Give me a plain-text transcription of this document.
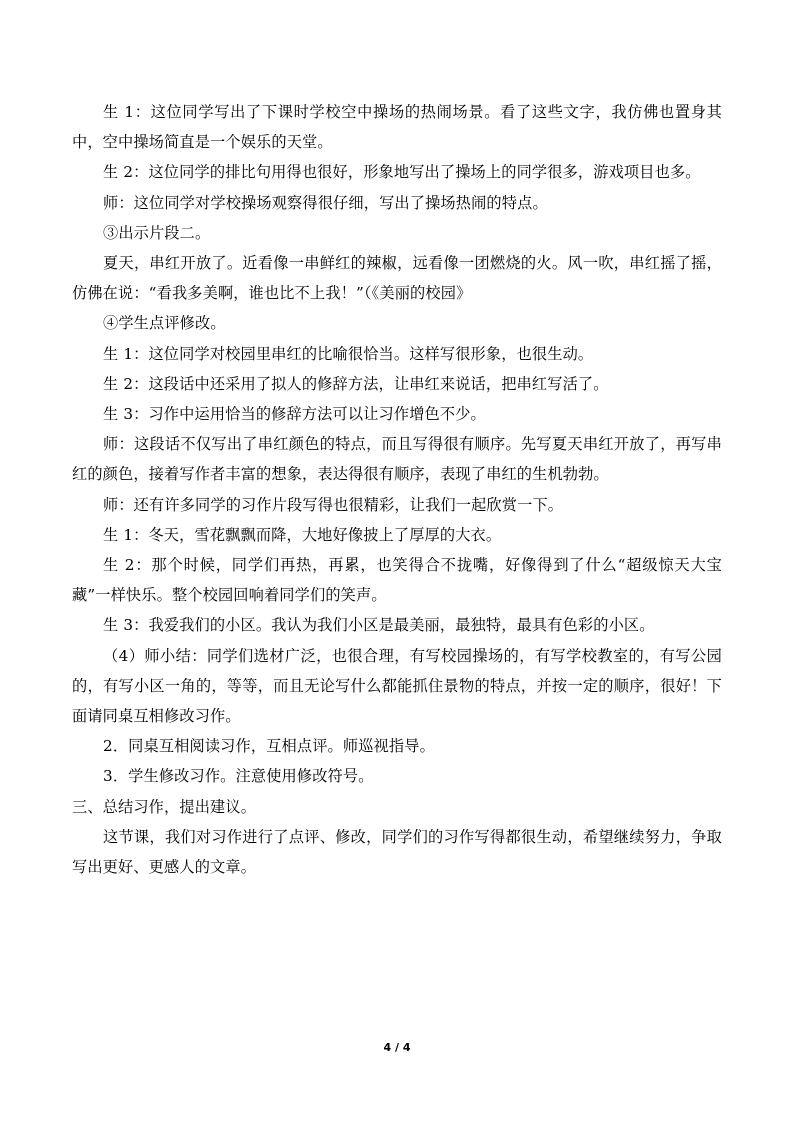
生 1：这位同学写出了下课时学校空中操场的热闹场景。看了这些文字，我仿佛也置身其中，空中操场简直是一个娱乐的天堂。

生 2：这位同学的排比句用得也很好，形象地写出了操场上的同学很多，游戏项目也多。

师：这位同学对学校操场观察得很仔细，写出了操场热闹的特点。

③出示片段二。

夏天，串红开放了。近看像一串鲜红的辣椒，远看像一团燃烧的火。风一吹，串红摇了摇，仿佛在说：“看我多美啊，谁也比不上我！”（《美丽的校园》

④学生点评修改。

生 1：这位同学对校园里串红的比喻很恰当。这样写很形象，也很生动。

生 2：这段话中还采用了拟人的修辞方法，让串红来说话，把串红写活了。

生 3：习作中运用恰当的修辞方法可以让习作增色不少。

师：这段话不仅写出了串红颜色的特点，而且写得很有顺序。先写夏天串红开放了，再写串红的颜色，接着写作者丰富的想象，表达得很有顺序，表现了串红的生机勃勃。

师：还有许多同学的习作片段写得也很精彩，让我们一起欣赏一下。

生 1：冬天，雪花飘飘而降，大地好像披上了厚厚的大衣。

生 2：那个时候，同学们再热，再累，也笑得合不拢嘴，好像得到了什么“超级惊天大宝藏”一样快乐。整个校园回响着同学们的笑声。

生 3：我爱我们的小区。我认为我们小区是最美丽，最独特，最具有色彩的小区。

（4）师小结：同学们选材广泛，也很合理，有写校园操场的，有写学校教室的，有写公园的，有写小区一角的，等等，而且无论写什么都能抓住景物的特点，并按一定的顺序，很好！下面请同桌互相修改习作。

2．同桌互相阅读习作，互相点评。师巡视指导。

3．学生修改习作。注意使用修改符号。

三、总结习作，提出建议。

这节课，我们对习作进行了点评、修改，同学们的习作写得都很生动，希望继续努力，争取写出更好、更感人的文章。

4 / 4
